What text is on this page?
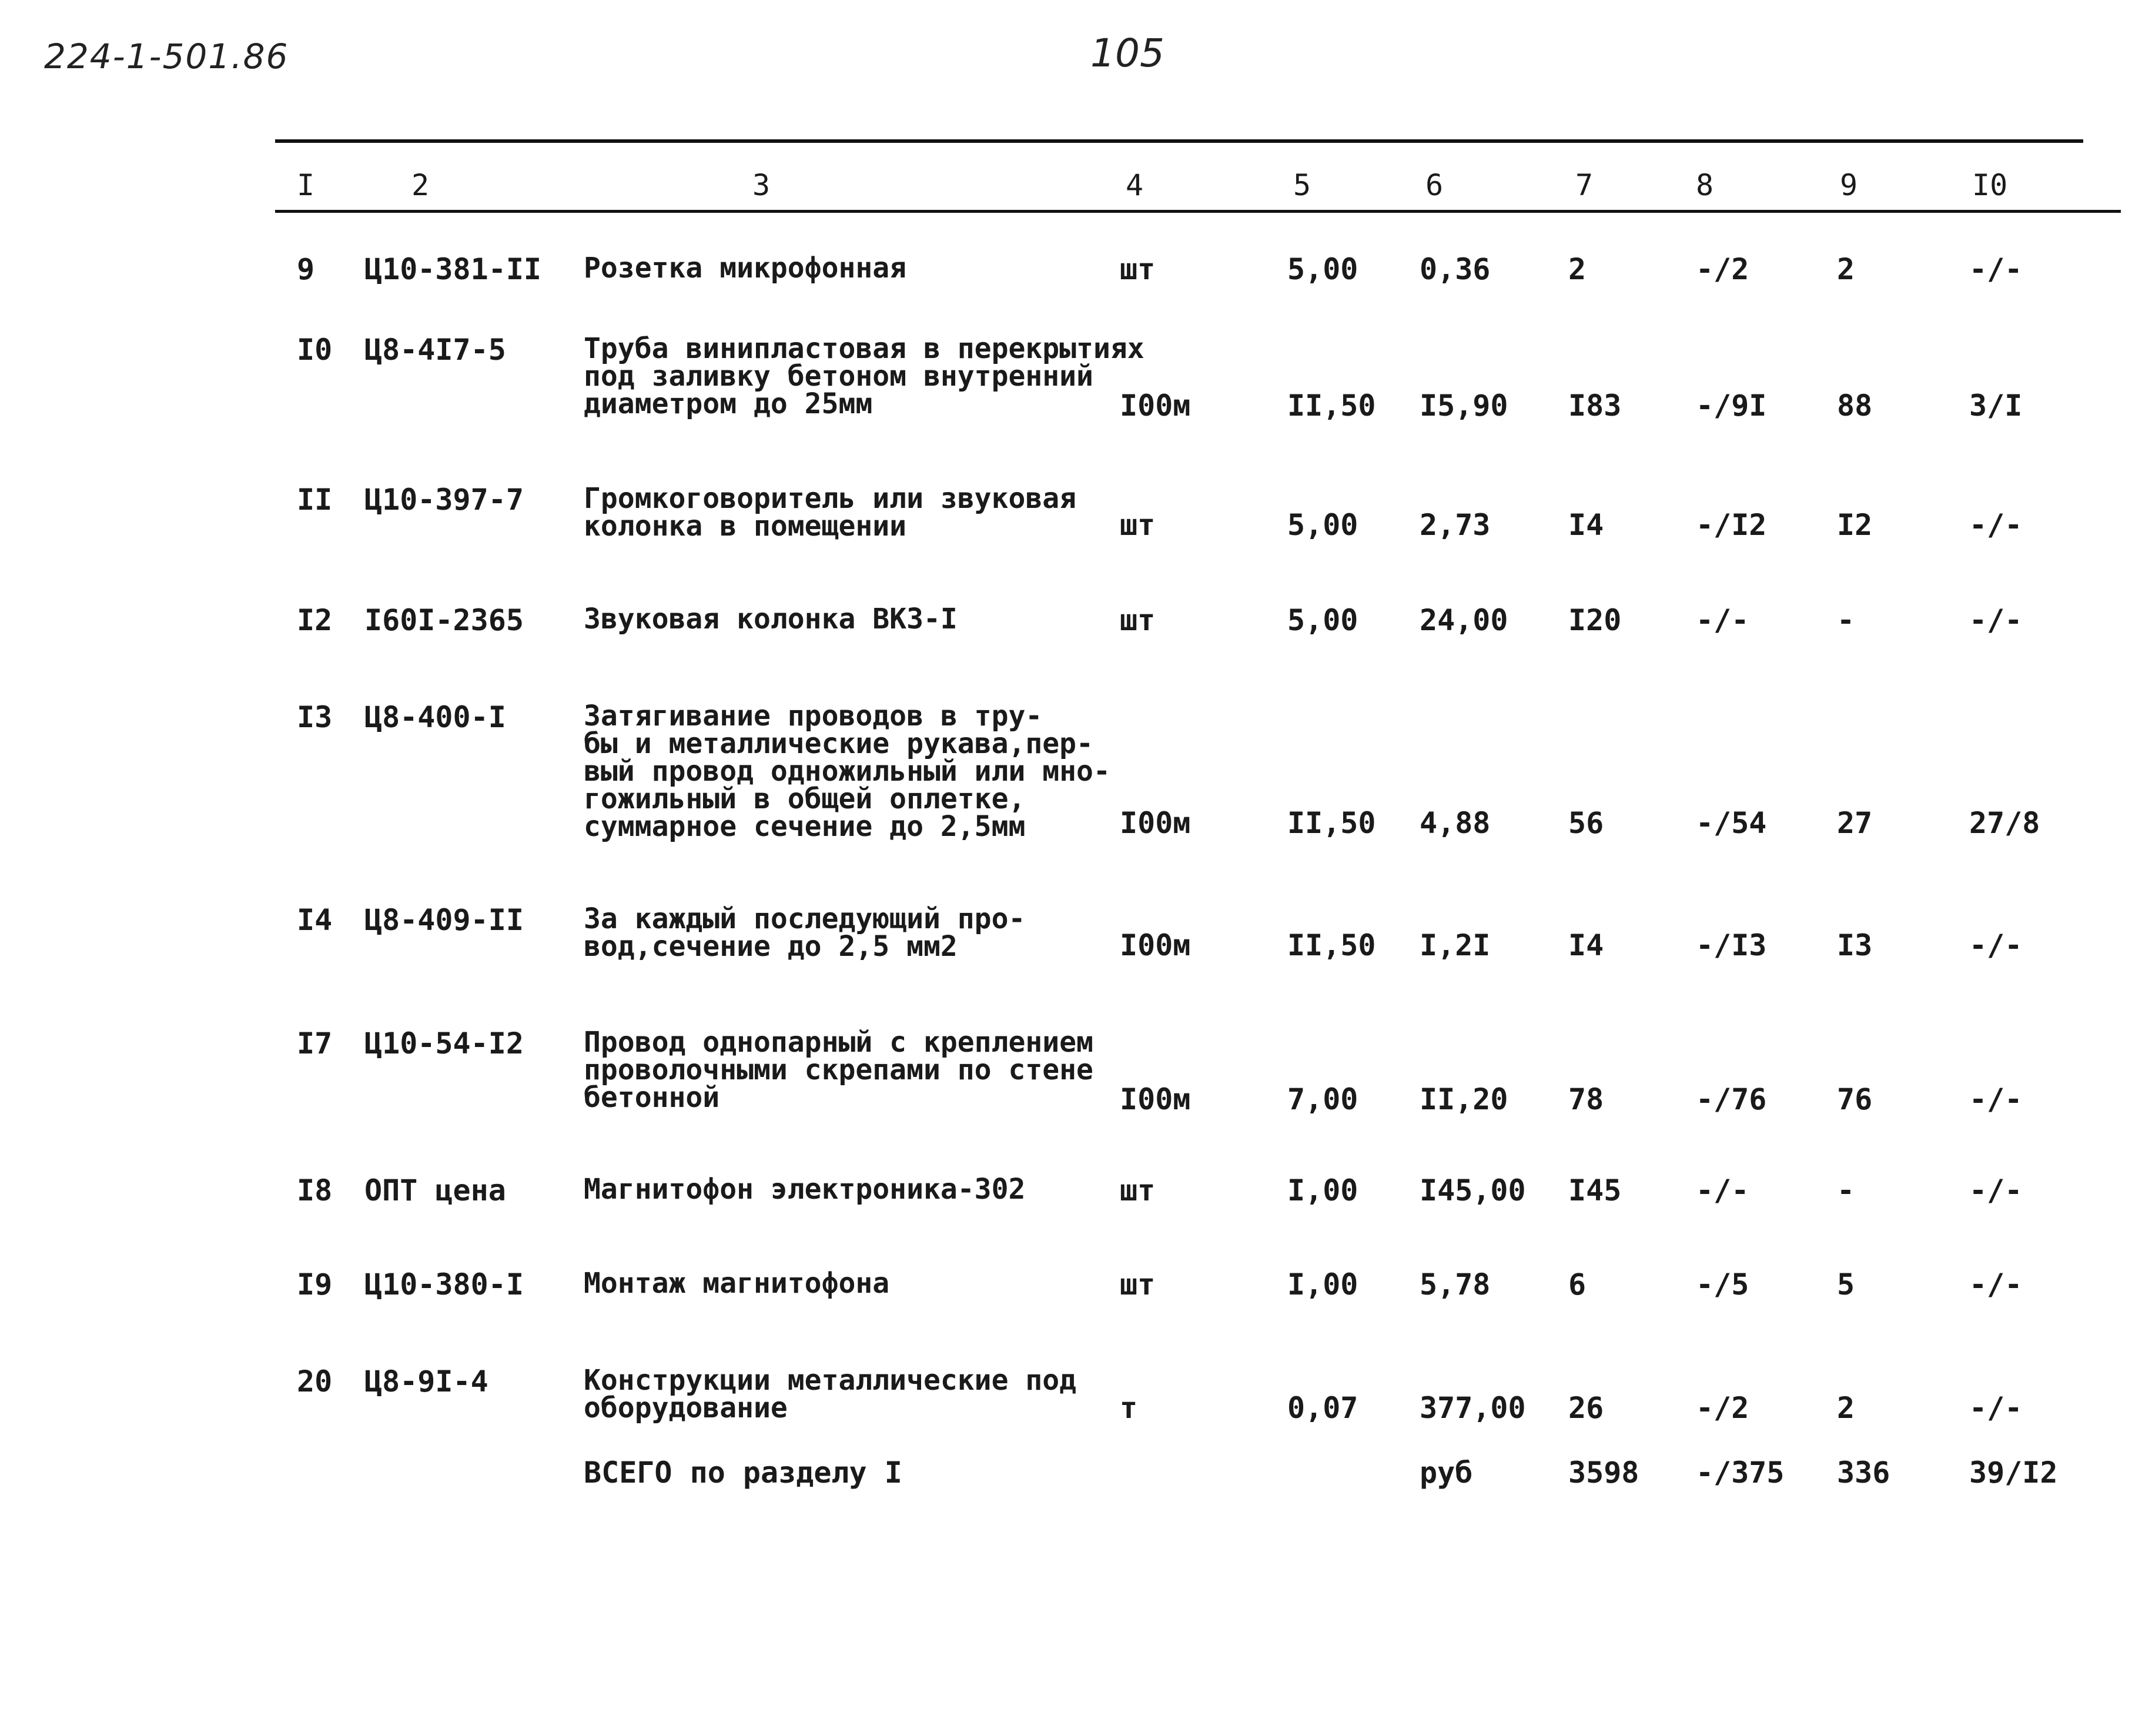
224-1-501.86	105
I	2	3	4	5	6	7	8	9	I0
9 Ц10-381-II Розетка микрофонная	шт	5,00 0,36	2	-/2	2	-/-
I0 Ц8-4I7-5	Труба винипластовая в перекрытиях
под заливку бетоном внутренний
диаметром до 25мм	I00м	II,50 I5,90 I83	-/9I 88	3/I
II Ц10-397-7 Громкоговоритель или звуковая
колонка в помещении	шт	5,00 2,73	I4	-/I2 I2	-/-
I2 I60I-2365 Звуковая колонка ВКЗ-I	шт	5,00 24,00 I20	-/-	-	-/-
I3 Ц8-400-I	Затягивание проводов в тру-
бы и металлические рукава,пер-
вый провод одножильный или мно-
гожильный в общей оплетке,
суммарное сечение до 2,5мм	I00м	II,50 4,88	56	-/54 27	27/8
I4 Ц8-409-II За каждый последующий про-
вод,сечение до 2,5 мм2	I00м	II,50 I,2I	I4	-/I3 I3	-/-
I7 Ц10-54-I2 Провод однопарный с креплением
проволочными скрепами по стене
бетонной	I00м	7,00 II,20 78	-/76 76	-/-
I8 ОПТ цена	Магнитофон электроника-302	шт	I,00 I45,00 I45	-/-	-	-/-
I9 Ц10-380-I Монтаж магнитофона	шт	I,00 5,78	6	-/5	5	-/-
20 Ц8-9I-4	Конструкции металлические под
оборудование	т	0,07 377,00 26	-/2	2	-/-
ВСЕГО по разделу I	руб	3598 -/375 336	39/I2
